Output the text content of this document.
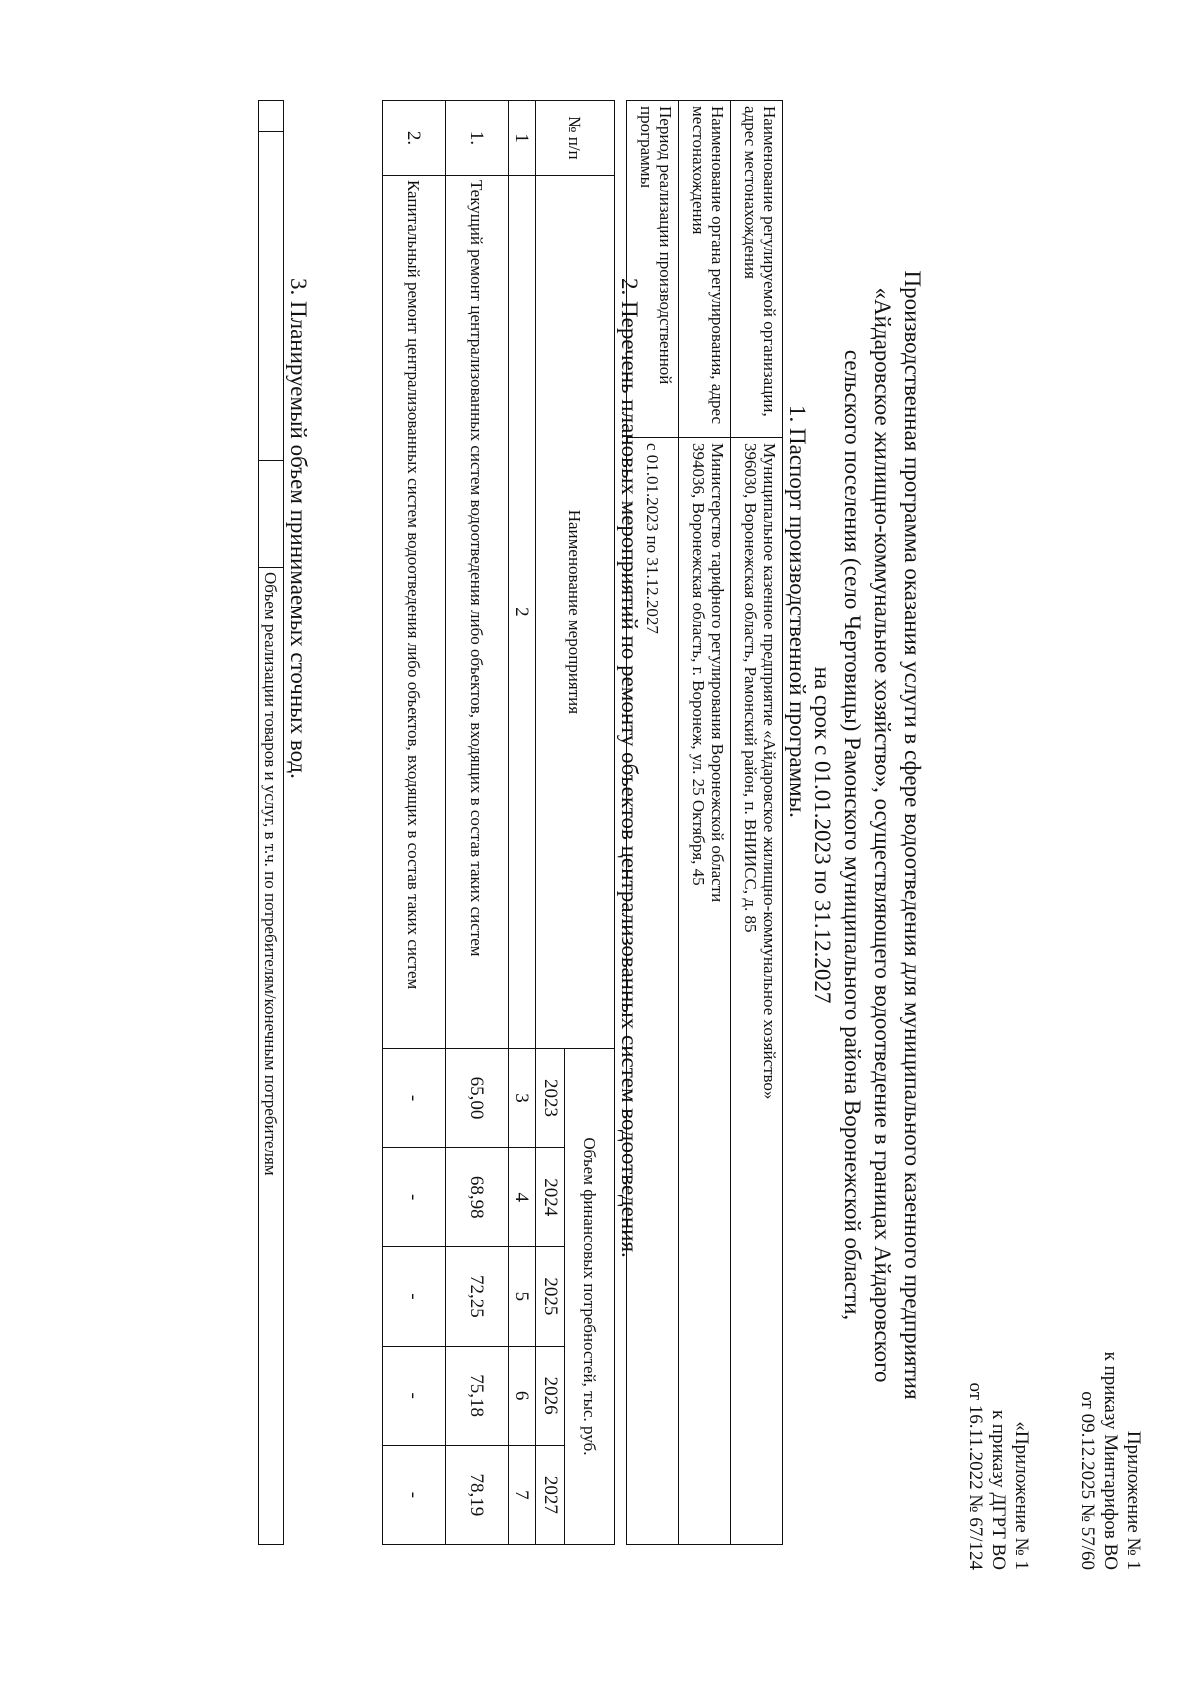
Приложение № 1
к приказу Минтарифов ВО
от 09.12.2025 № 57/60
«Приложение № 1
к приказу ДГРТ ВО
от 16.11.2022 № 67/124
Производственная программа оказания услуги в сфере водоотведения для муниципального казенного предприятия
«Айдаровское жилищно-коммунальное хозяйство», осуществляющего водоотведение в границах Айдаровского
сельского поселения (село Чертовицы) Рамонского муниципального района Воронежской области,
на срок с 01.01.2023 по 31.12.2027
1. Паспорт производственной программы.
Наименование регулируемой организации, адрес местонахождения	Муниципальное казенное предприятие «Айдаровское жилищно-коммунальное хозяйство»
396030, Воронежская область, Рамонский район, п. ВНИИСС, д. 85

Наименование органа регулирования, адрес местонахождения	Министерство тарифного регулирования Воронежской области
394036, Воронежская область, г. Воронеж, ул. 25 Октября, 45

Период реализации производственной программы	с 01.01.2023 по 31.12.2027
2. Перечень плановых мероприятий по ремонту объектов централизованных систем водоотведения.
№ п/п	Наименование мероприятия	Объем финансовых потребностей, тыс. руб.				
		2023	2024	2025	2026	2027
1	2	3	4	5	6	7
1.	Текущий ремонт централизованных систем водоотведения либо объектов, входящих в состав таких систем	65,00	68,98	72,25	75,18	78,19
2.	Капитальный ремонт централизованных систем водоотведения либо объектов, входящих в состав таких систем	-	-	-	-	-
3. Планируемый объем принимаемых сточных вод.
			Объем реализации товаров и услуг, в т.ч. по потребителям/конечным потребителям
